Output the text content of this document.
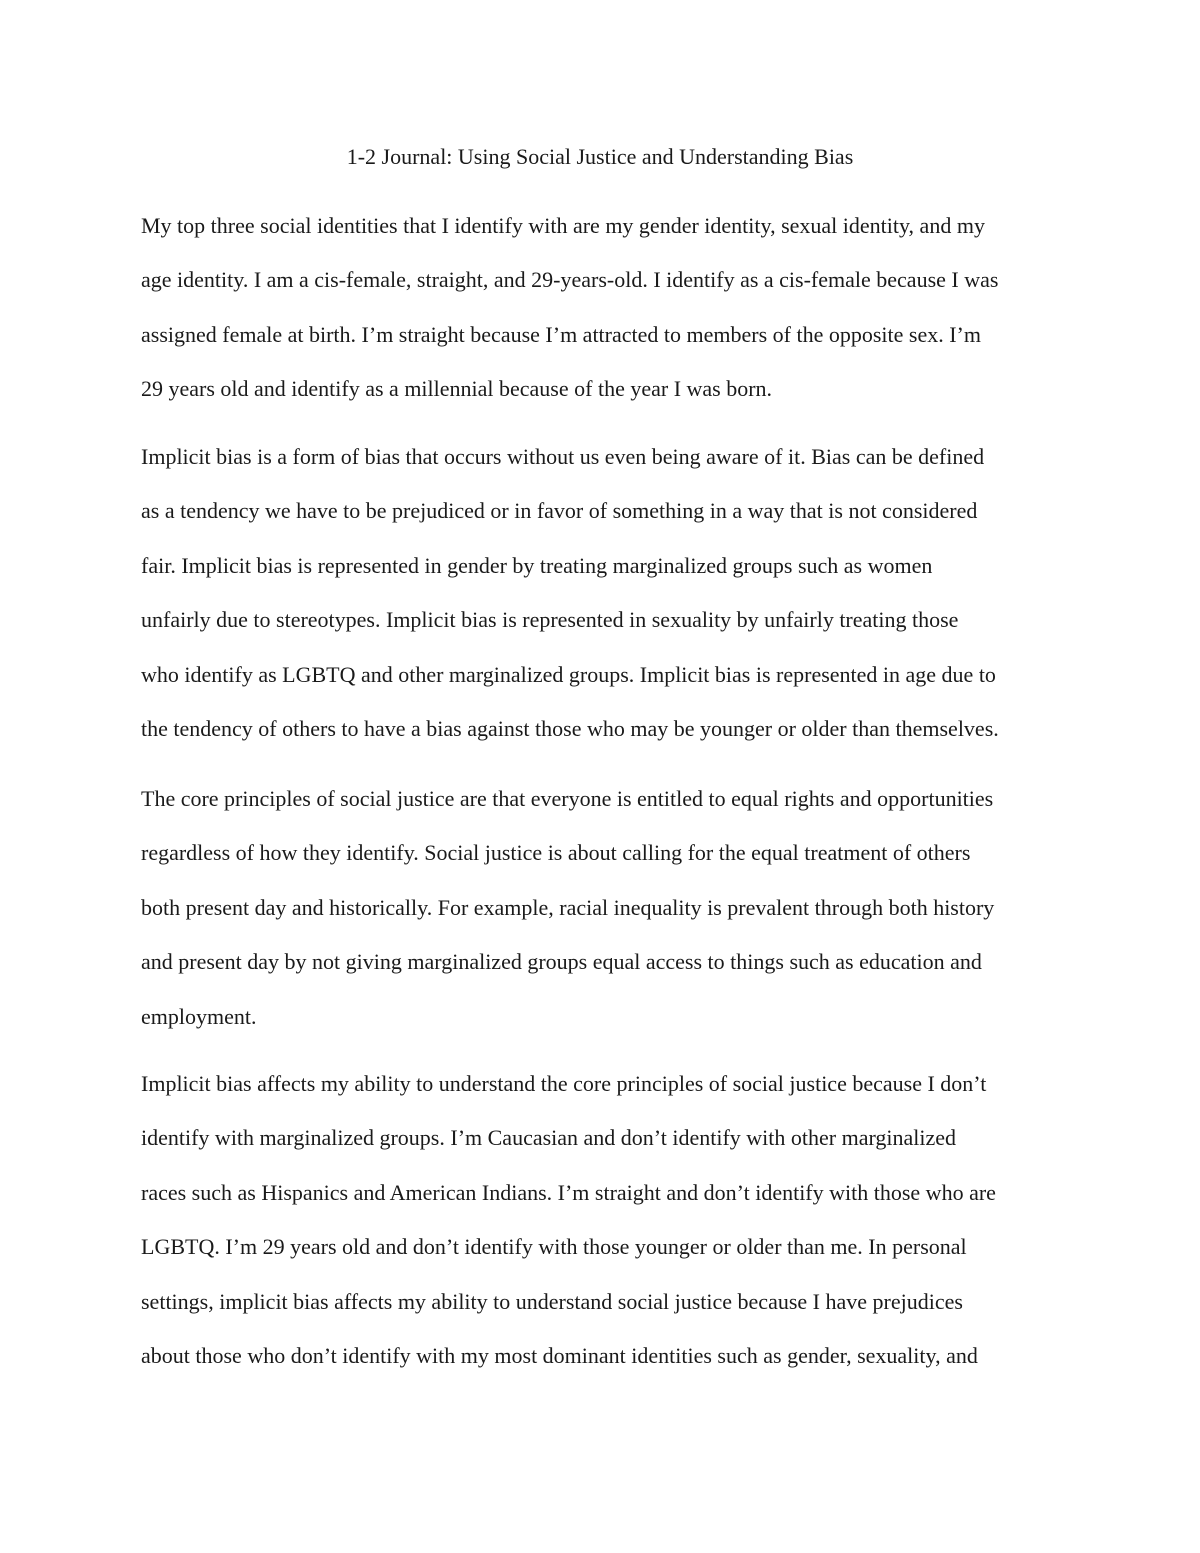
1-2 Journal: Using Social Justice and Understanding Bias
My top three social identities that I identify with are my gender identity, sexual identity, and my
age identity. I am a cis-female, straight, and 29-years-old. I identify as a cis-female because I was
assigned female at birth. I’m straight because I’m attracted to members of the opposite sex. I’m
29 years old and identify as a millennial because of the year I was born.
Implicit bias is a form of bias that occurs without us even being aware of it. Bias can be defined
as a tendency we have to be prejudiced or in favor of something in a way that is not considered
fair. Implicit bias is represented in gender by treating marginalized groups such as women
unfairly due to stereotypes. Implicit bias is represented in sexuality by unfairly treating those
who identify as LGBTQ and other marginalized groups. Implicit bias is represented in age due to
the tendency of others to have a bias against those who may be younger or older than themselves.
The core principles of social justice are that everyone is entitled to equal rights and opportunities
regardless of how they identify. Social justice is about calling for the equal treatment of others
both present day and historically. For example, racial inequality is prevalent through both history
and present day by not giving marginalized groups equal access to things such as education and
employment.
Implicit bias affects my ability to understand the core principles of social justice because I don’t
identify with marginalized groups. I’m Caucasian and don’t identify with other marginalized
races such as Hispanics and American Indians. I’m straight and don’t identify with those who are
LGBTQ. I’m 29 years old and don’t identify with those younger or older than me. In personal
settings, implicit bias affects my ability to understand social justice because I have prejudices
about those who don’t identify with my most dominant identities such as gender, sexuality, and
